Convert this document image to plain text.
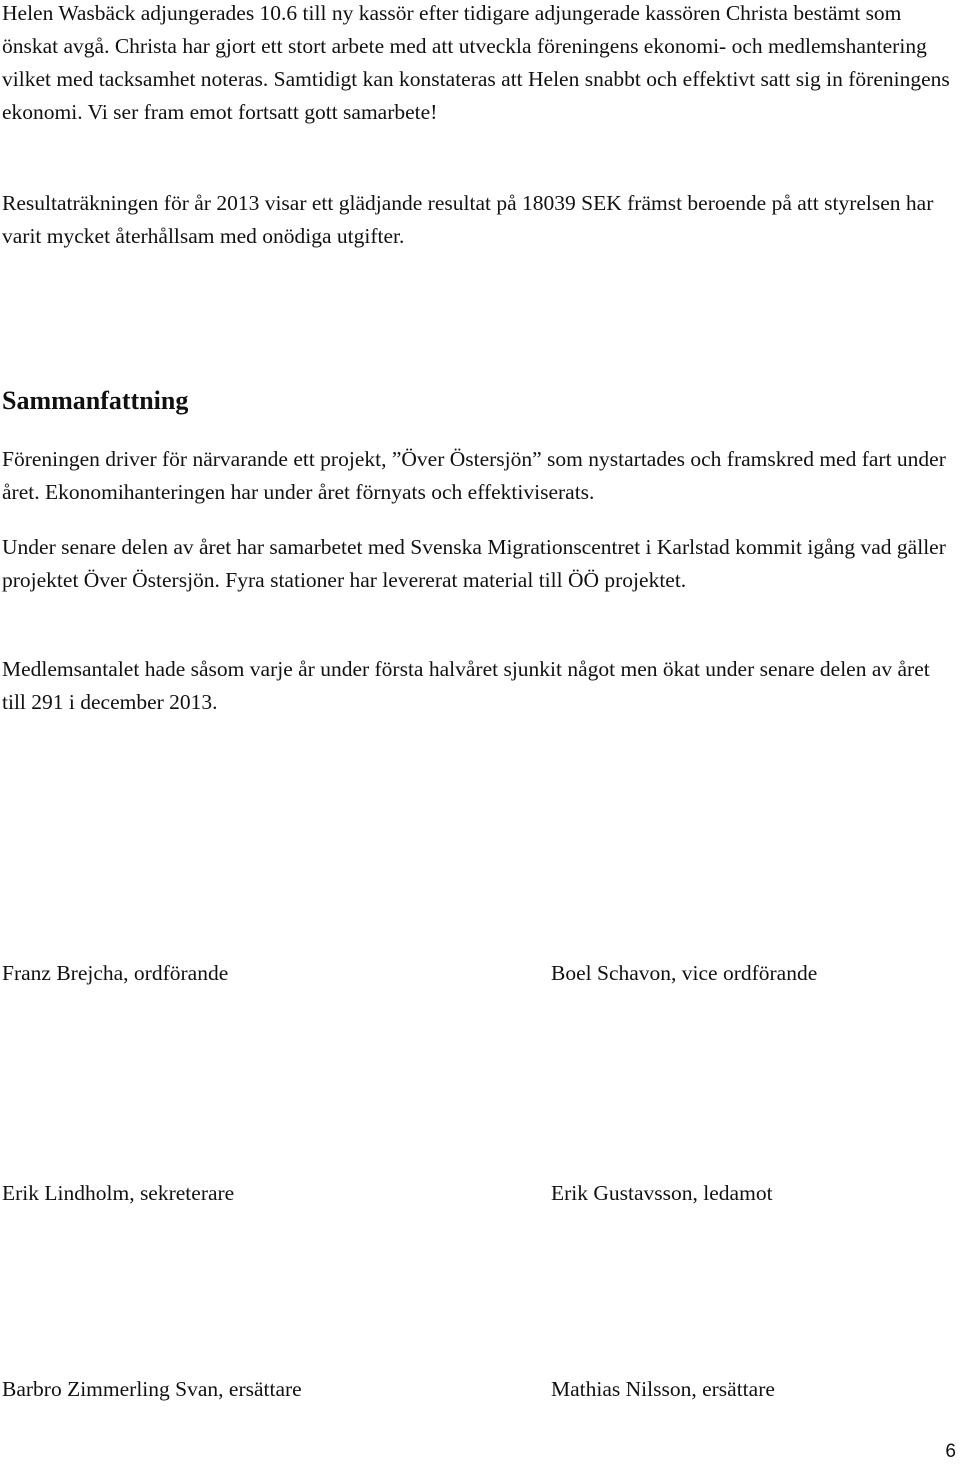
Helen Wasbäck adjungerades 10.6 till ny kassör efter tidigare adjungerade kassören Christa bestämt som önskat avgå. Christa har gjort ett stort arbete med att utveckla föreningens ekonomi- och medlemshantering vilket med tacksamhet noteras. Samtidigt kan konstateras att Helen snabbt och effektivt satt sig in föreningens ekonomi. Vi ser fram emot fortsatt gott samarbete!

Resultaträkningen för år 2013 visar ett glädjande resultat på 18039 SEK främst beroende på att styrelsen har varit mycket återhållsam med onödiga utgifter.

Sammanfattning

Föreningen driver för närvarande ett projekt, ”Över Östersjön” som nystartades och framskred med fart under året. Ekonomihanteringen har under året förnyats och effektiviserats.

Under senare delen av året har samarbetet med Svenska Migrationscentret i Karlstad kommit igång vad gäller projektet Över Östersjön. Fyra stationer har levererat material till ÖÖ projektet.

Medlemsantalet hade såsom varje år under första halvåret sjunkit något men ökat under senare delen av året till 291 i december 2013.

Franz Brejcha, ordförande	Boel Schavon, vice ordförande
Erik Lindholm, sekreterare	Erik Gustavsson, ledamot
Barbro Zimmerling Svan, ersättare	Mathias Nilsson, ersättare
6
